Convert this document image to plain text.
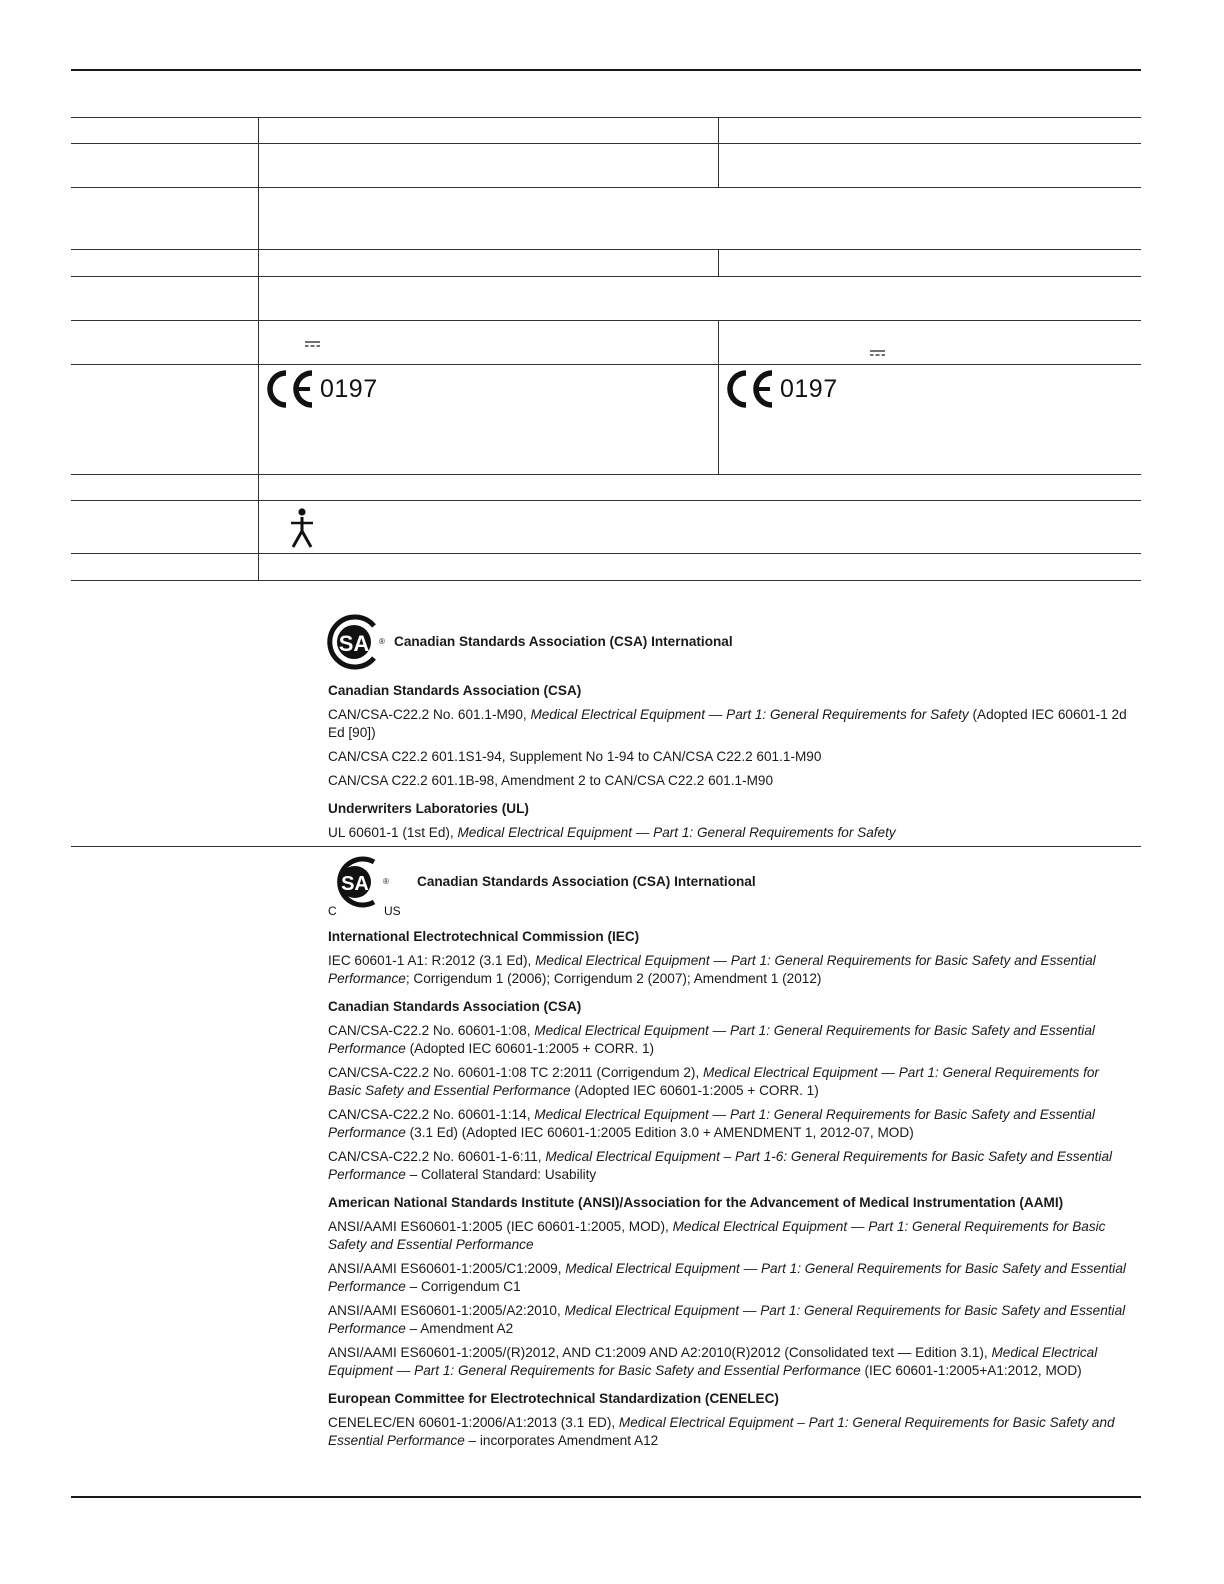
0197	0197
SA ® Canadian Standards Association (CSA) International
Canadian Standards Association (CSA)
CAN/CSA-C22.2 No. 601.1-M90, Medical Electrical Equipment — Part 1: General Requirements for Safety (Adopted IEC 60601-1 2d Ed [90])
CAN/CSA C22.2 601.1S1-94, Supplement No 1-94 to CAN/CSA C22.2 601.1-M90
CAN/CSA C22.2 601.1B-98, Amendment 2 to CAN/CSA C22.2 601.1-M90
Underwriters Laboratories (UL)
UL 60601-1 (1st Ed), Medical Electrical Equipment — Part 1: General Requirements for Safety
SA ®
C	US
Canadian Standards Association (CSA) International
International Electrotechnical Commission (IEC)
IEC 60601-1 A1: R:2012 (3.1 Ed), Medical Electrical Equipment — Part 1: General Requirements for Basic Safety and Essential Performance; Corrigendum 1 (2006); Corrigendum 2 (2007); Amendment 1 (2012)
Canadian Standards Association (CSA)
CAN/CSA-C22.2 No. 60601-1:08, Medical Electrical Equipment — Part 1: General Requirements for Basic Safety and Essential Performance (Adopted IEC 60601-1:2005 + CORR. 1)
CAN/CSA-C22.2 No. 60601-1:08 TC 2:2011 (Corrigendum 2), Medical Electrical Equipment — Part 1: General Requirements for Basic Safety and Essential Performance (Adopted IEC 60601-1:2005 + CORR. 1)
CAN/CSA-C22.2 No. 60601-1:14, Medical Electrical Equipment — Part 1: General Requirements for Basic Safety and Essential Performance (3.1 Ed) (Adopted IEC 60601-1:2005 Edition 3.0 + AMENDMENT 1, 2012-07, MOD)
CAN/CSA-C22.2 No. 60601-1-6:11, Medical Electrical Equipment – Part 1-6: General Requirements for Basic Safety and Essential Performance – Collateral Standard: Usability
American National Standards Institute (ANSI)/Association for the Advancement of Medical Instrumentation (AAMI)
ANSI/AAMI ES60601-1:2005 (IEC 60601-1:2005, MOD), Medical Electrical Equipment — Part 1: General Requirements for Basic Safety and Essential Performance
ANSI/AAMI ES60601-1:2005/C1:2009, Medical Electrical Equipment — Part 1: General Requirements for Basic Safety and Essential Performance – Corrigendum C1
ANSI/AAMI ES60601-1:2005/A2:2010, Medical Electrical Equipment — Part 1: General Requirements for Basic Safety and Essential Performance – Amendment A2
ANSI/AAMI ES60601-1:2005/(R)2012, AND C1:2009 AND A2:2010(R)2012 (Consolidated text — Edition 3.1), Medical Electrical Equipment — Part 1: General Requirements for Basic Safety and Essential Performance (IEC 60601-1:2005+A1:2012, MOD)
European Committee for Electrotechnical Standardization (CENELEC)
CENELEC/EN 60601-1:2006/A1:2013 (3.1 ED), Medical Electrical Equipment – Part 1: General Requirements for Basic Safety and Essential Performance – incorporates Amendment A12
